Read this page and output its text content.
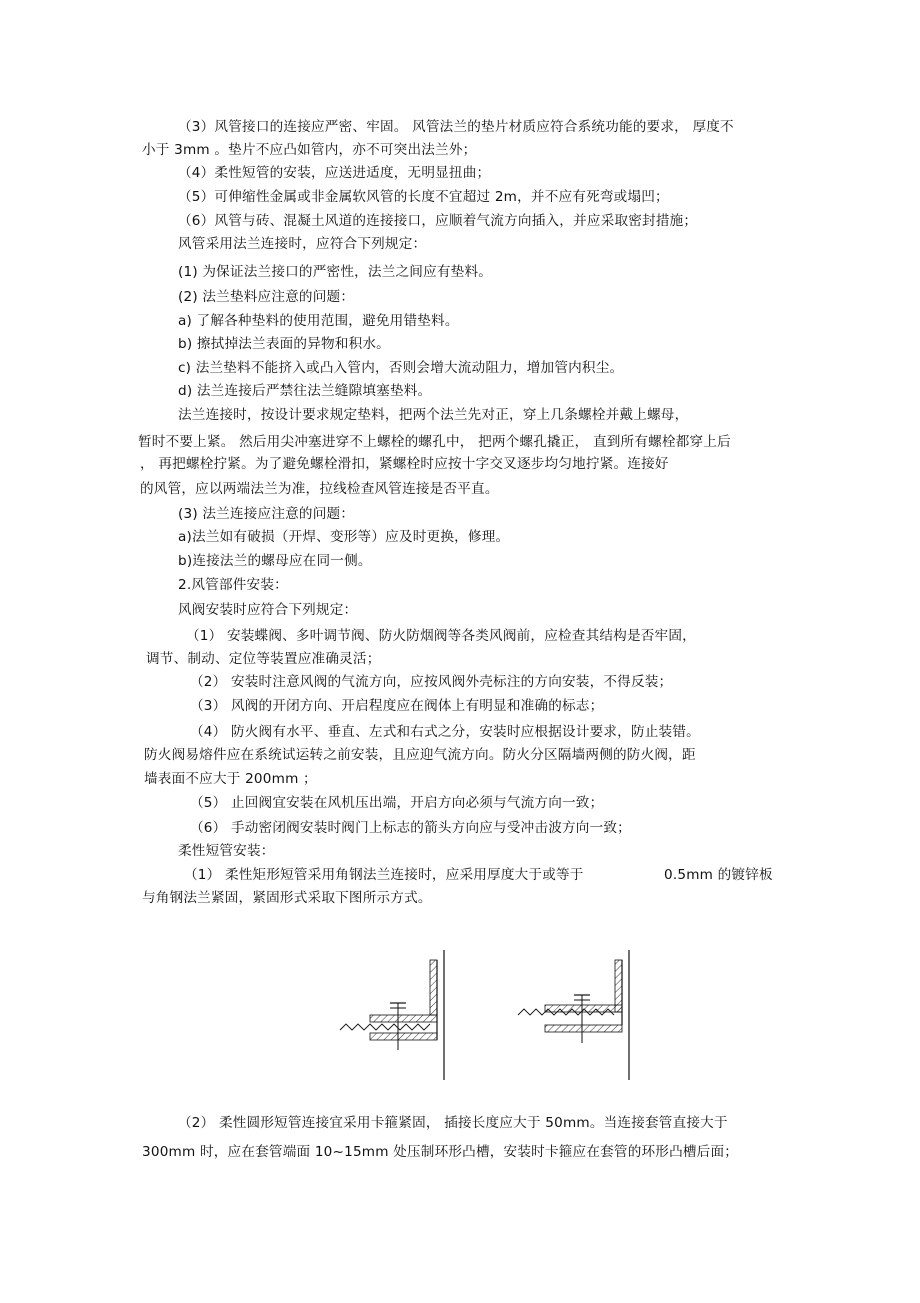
（3）风管接口的连接应严密、牢固。 风管法兰的垫片材质应符合系统功能的要求， 厚度不
小于 3mm 。垫片不应凸如管内，亦不可突出法兰外；
（4）柔性短管的安装，应送进适度，无明显扭曲；
（5）可伸缩性金属或非金属软风管的长度不宜超过 2m，并不应有死弯或塌凹；
（6）风管与砖、混凝土风道的连接接口，应顺着气流方向插入，并应采取密封措施；
风管采用法兰连接时，应符合下列规定：
(1) 为保证法兰接口的严密性，法兰之间应有垫料。
(2) 法兰垫料应注意的问题：
a) 了解各种垫料的使用范围，避免用错垫料。
b) 擦拭掉法兰表面的异物和积水。
c) 法兰垫料不能挤入或凸入管内，否则会增大流动阻力，增加管内积尘。
d) 法兰连接后严禁往法兰缝隙填塞垫料。
法兰连接时，按设计要求规定垫料，把两个法兰先对正，穿上几条螺栓并戴上螺母，
暂时不要上紧。 然后用尖冲塞进穿不上螺栓的螺孔中， 把两个螺孔撬正， 直到所有螺栓都穿上后
， 再把螺栓拧紧。为了避免螺栓滑扣，紧螺栓时应按十字交叉逐步均匀地拧紧。连接好
的风管，应以两端法兰为准，拉线检查风管连接是否平直。
(3) 法兰连接应注意的问题：
a)法兰如有破损（开焊、变形等）应及时更换，修理。
b)连接法兰的螺母应在同一侧。
2.风管部件安装：
风阀安装时应符合下列规定：
（1） 安装蝶阀、多叶调节阀、防火防烟阀等各类风阀前，应检查其结构是否牢固，
调节、制动、定位等装置应准确灵活；
（2） 安装时注意风阀的气流方向，应按风阀外壳标注的方向安装，不得反装；
（3） 风阀的开闭方向、开启程度应在阀体上有明显和准确的标志；
（4） 防火阀有水平、垂直、左式和右式之分，安装时应根据设计要求，防止装错。
防火阀易熔件应在系统试运转之前安装，且应迎气流方向。防火分区隔墙两侧的防火阀，距
墙表面不应大于 200mm ；
（5） 止回阀宜安装在风机压出端，开启方向必须与气流方向一致；
（6） 手动密闭阀安装时阀门上标志的箭头方向应与受冲击波方向一致；
柔性短管安装：
（1） 柔性矩形短管采用角钢法兰连接时，应采用厚度大于或等于	0.5mm 的镀锌板
与角钢法兰紧固，紧固形式采取下图所示方式。
（2） 柔性圆形短管连接宜采用卡箍紧固， 插接长度应大于 50mm。当连接套管直接大于
300mm 时，应在套管端面 10~15mm 处压制环形凸槽，安装时卡箍应在套管的环形凸槽后面；
